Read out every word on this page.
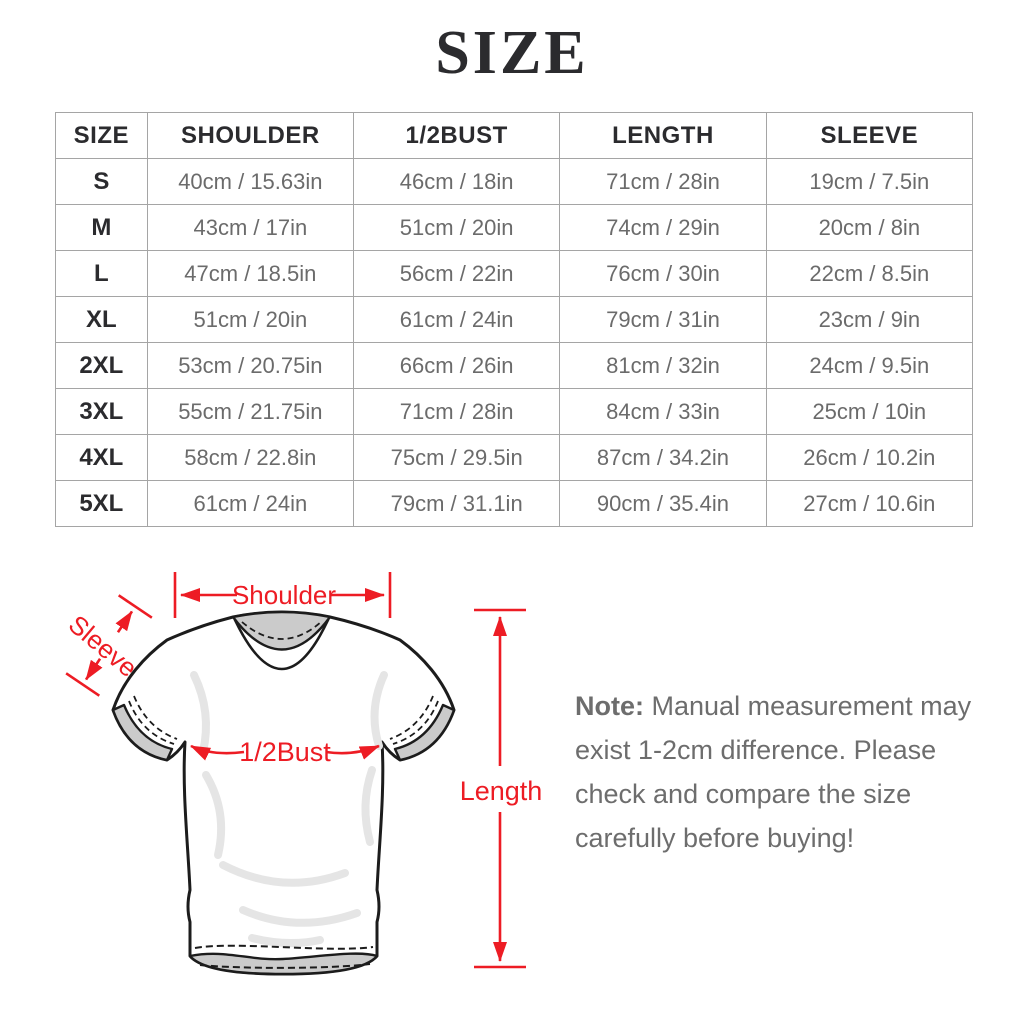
SIZE
SIZE	SHOULDER	1/2BUST	LENGTH	SLEEVE
S	40cm / 15.63in	46cm / 18in	71cm / 28in	19cm / 7.5in
M	43cm / 17in	51cm / 20in	74cm / 29in	20cm / 8in
L	47cm / 18.5in	56cm / 22in	76cm / 30in	22cm / 8.5in
XL	51cm / 20in	61cm / 24in	79cm / 31in	23cm / 9in
2XL	53cm / 20.75in	66cm / 26in	81cm / 32in	24cm / 9.5in
3XL	55cm / 21.75in	71cm / 28in	84cm / 33in	25cm / 10in
4XL	58cm / 22.8in	75cm / 29.5in	87cm / 34.2in	26cm / 10.2in
5XL	61cm / 24in	79cm / 31.1in	90cm / 35.4in	27cm / 10.6in
Shoulder
Sleeve
1/2Bust
Length

Note: Manual measurement may exist 1-2cm difference. Please check and compare the size carefully before buying!
